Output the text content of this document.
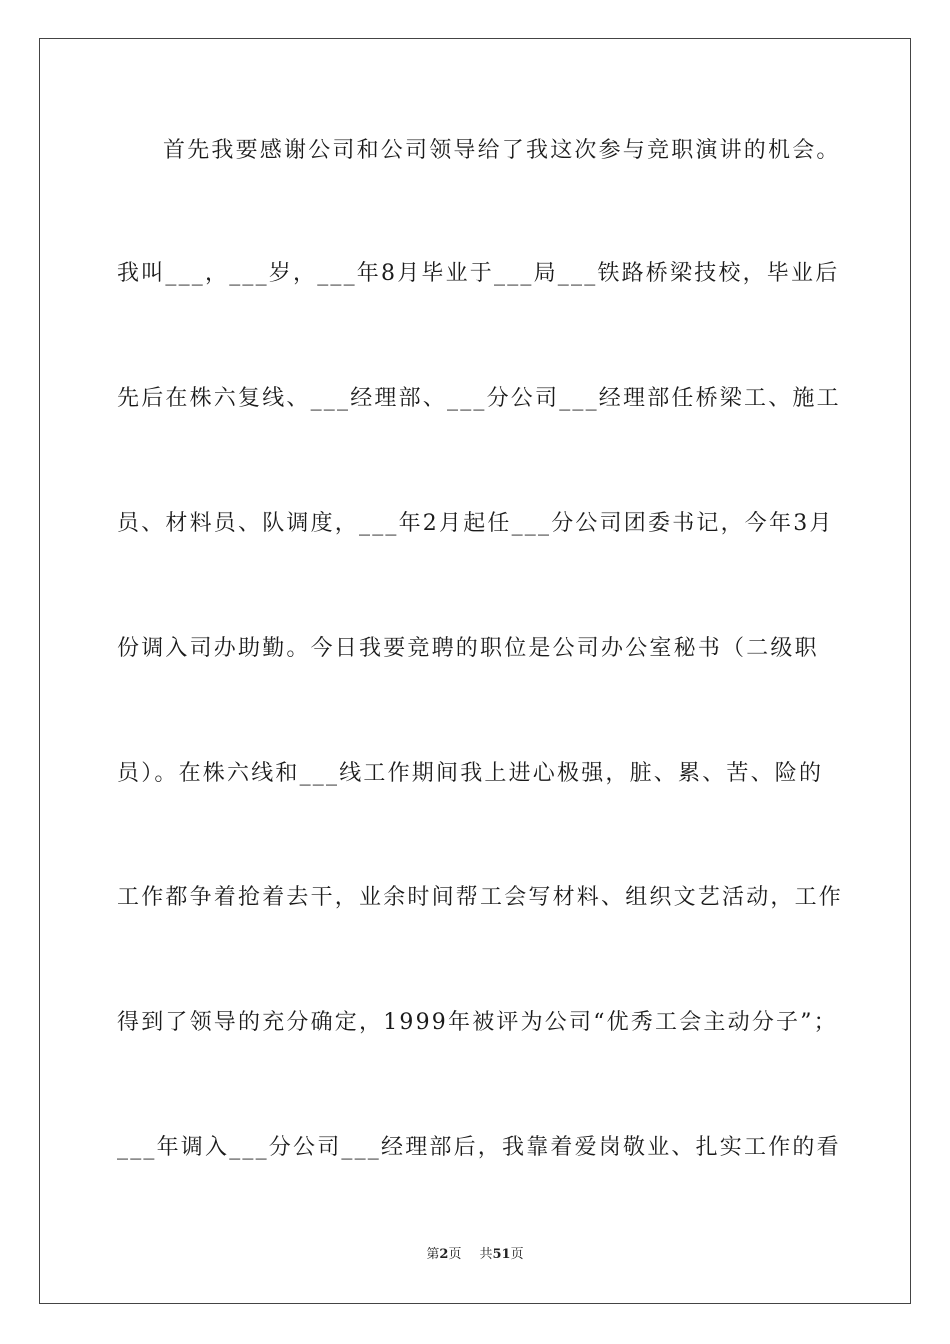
首先我要感谢公司和公司领导给了我这次参与竞职演讲的机会。
我叫___，___岁，___年8月毕业于___局___铁路桥梁技校，毕业后
先后在株六复线、___经理部、___分公司___经理部任桥梁工、施工
员、材料员、队调度，___年2月起任___分公司团委书记，今年3月
份调入司办助勤。今日我要竞聘的职位是公司办公室秘书（二级职
员）。在株六线和___线工作期间我上进心极强，脏、累、苦、险的
工作都争着抢着去干，业余时间帮工会写材料、组织文艺活动，工作
得到了领导的充分确定，1999年被评为公司“优秀工会主动分子”；
___年调入___分公司___经理部后，我靠着爱岗敬业、扎实工作的看
第2页 共51页
